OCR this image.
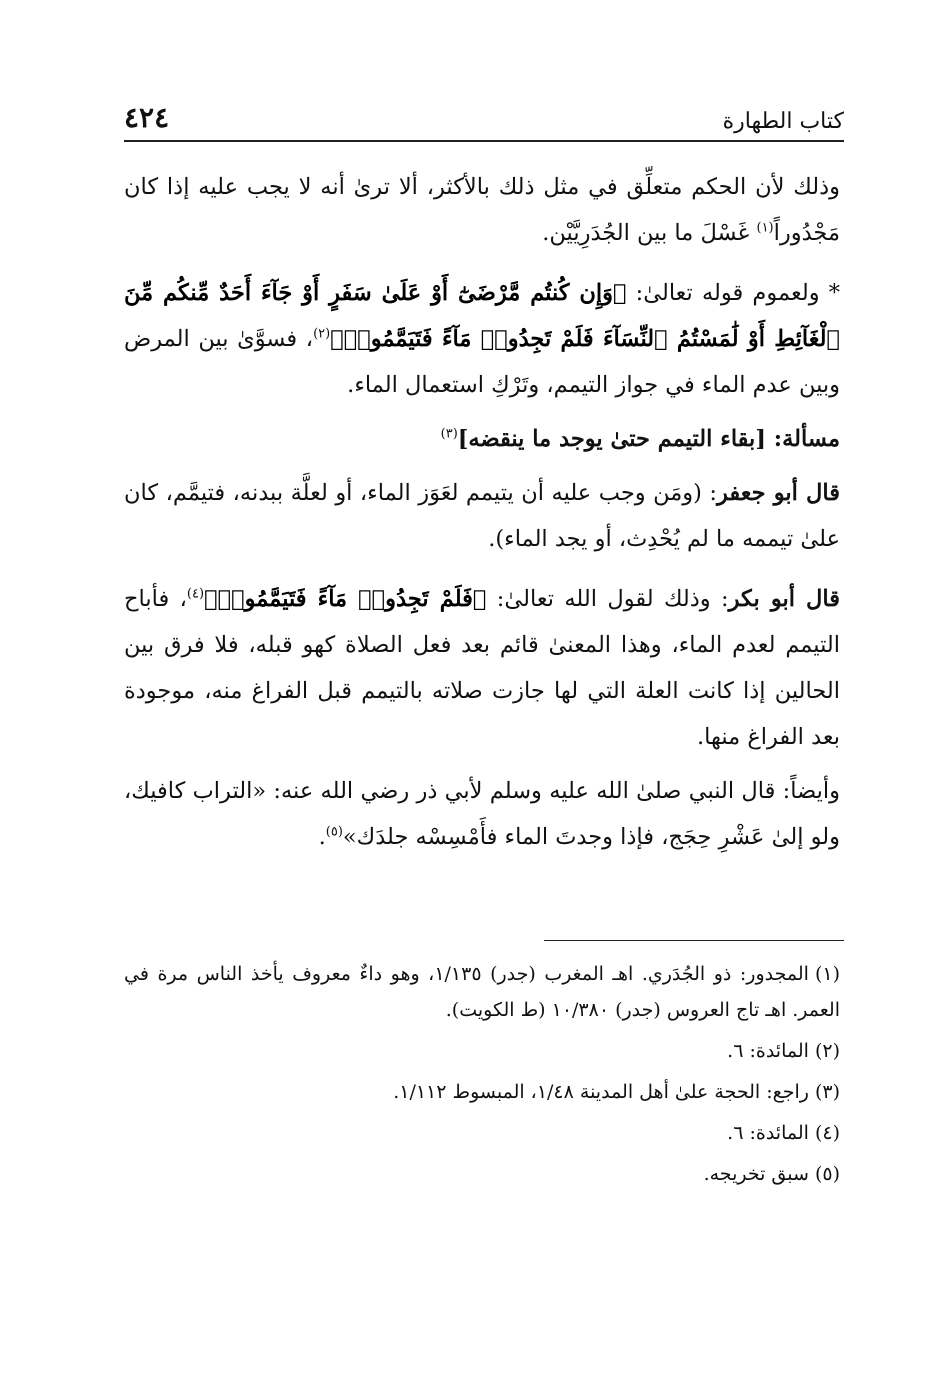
كتاب الطهارة
٤٢٤

وذلك لأن الحكم متعلِّق في مثل ذلك بالأكثر، ألا ترىٰ أنه لا يجب عليه إذا كان مَجْدُوراً$^{(١)}$ غَسْلَ ما بين الجُدَرِيَّيْن.

* ولعموم قوله تعالىٰ: ﴿وَإِن كُنتُم مَّرْضَىٰٓ أَوْ عَلَىٰ سَفَرٍ أَوْ جَآءَ أَحَدٌ مِّنكُم مِّنَ ٱلْغَآئِطِ أَوْ لَٰمَسْتُمُ ٱلنِّسَآءَ فَلَمْ تَجِدُوا۟ مَآءً فَتَيَمَّمُوا۟﴾$^{(٢)}$، فسوَّىٰ بين المرض وبين عدم الماء في جواز التيمم، وتَرْكِ استعمال الماء.

مسألة: [بقاء التيمم حتىٰ يوجد ما ينقضه]$^{(٣)}$

قال أبو جعفر: (ومَن وجب عليه أن يتيمم لعَوَز الماء، أو لعلَّة ببدنه، فتيمَّم، كان علىٰ تيممه ما لم يُحْدِث، أو يجد الماء).

قال أبو بكر: وذلك لقول الله تعالىٰ: ﴿فَلَمْ تَجِدُوا۟ مَآءً فَتَيَمَّمُوا۟﴾$^{(٤)}$، فأباح التيمم لعدم الماء، وهذا المعنىٰ قائم بعد فعل الصلاة كهو قبله، فلا فرق بين الحالين إذا كانت العلة التي لها جازت صلاته بالتيمم قبل الفراغ منه، موجودة بعد الفراغ منها.

وأيضاً: قال النبي صلىٰ الله عليه وسلم لأبي ذر رضي الله عنه: «التراب كافيك، ولو إلىٰ عَشْرِ حِجَج، فإذا وجدتَ الماء فأَمْسِسْه جلدَك»$^{(٥)}$.

(١)المجدور: ذو الجُدَري. اهـ المغرب (جدر) ١/١٣٥، وهو داءٌ معروف يأخذ الناس مرة في العمر. اهـ تاج العروس (جدر) ١٠/٣٨٠ (ط الكويت).
(٢)المائدة: ٦.
(٣)راجع: الحجة علىٰ أهل المدينة ١/٤٨، المبسوط ١/١١٢.
(٤)المائدة: ٦.
(٥)سبق تخريجه.
